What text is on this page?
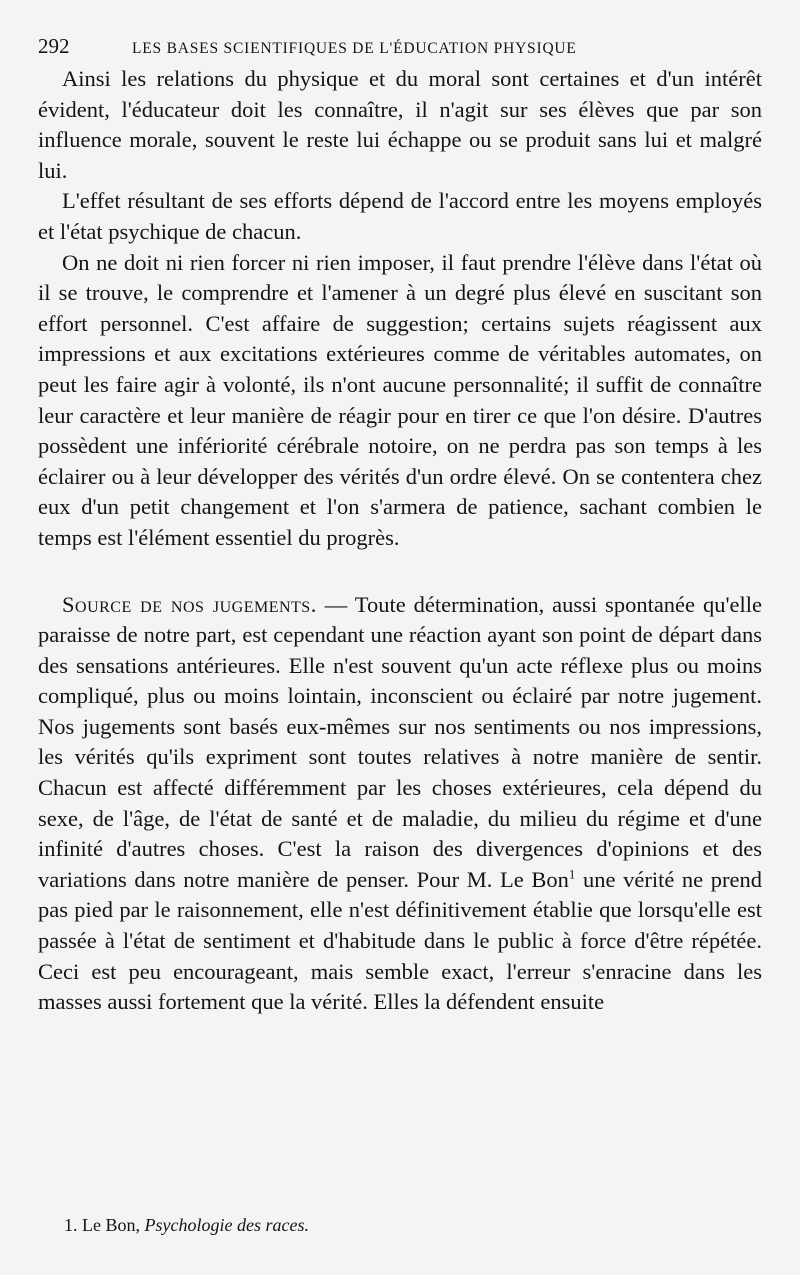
292	LES BASES SCIENTIFIQUES DE L'ÉDUCATION PHYSIQUE

Ainsi les relations du physique et du moral sont certaines et d'un intérêt évident, l'éducateur doit les connaître, il n'agit sur ses élèves que par son influence morale, souvent le reste lui échappe ou se produit sans lui et malgré lui.

L'effet résultant de ses efforts dépend de l'accord entre les moyens employés et l'état psychique de chacun.

On ne doit ni rien forcer ni rien imposer, il faut prendre l'élève dans l'état où il se trouve, le comprendre et l'amener à un degré plus élevé en suscitant son effort personnel. C'est affaire de suggestion; certains sujets réagissent aux impressions et aux excitations extérieures comme de véritables automates, on peut les faire agir à volonté, ils n'ont aucune personnalité; il suffit de connaître leur caractère et leur manière de réagir pour en tirer ce que l'on désire. D'autres possèdent une infériorité cérébrale notoire, on ne perdra pas son temps à les éclairer ou à leur développer des vérités d'un ordre élevé. On se contentera chez eux d'un petit changement et l'on s'armera de patience, sachant combien le temps est l'élément essentiel du progrès.

Source de nos jugements. — Toute détermination, aussi spontanée qu'elle paraisse de notre part, est cependant une réaction ayant son point de départ dans des sensations antérieures. Elle n'est souvent qu'un acte réflexe plus ou moins compliqué, plus ou moins lointain, inconscient ou éclairé par notre jugement. Nos jugements sont basés eux-mêmes sur nos sentiments ou nos impressions, les vérités qu'ils expriment sont toutes relatives à notre manière de sentir. Chacun est affecté différemment par les choses extérieures, cela dépend du sexe, de l'âge, de l'état de santé et de maladie, du milieu du régime et d'une infinité d'autres choses. C'est la raison des divergences d'opinions et des variations dans notre manière de penser. Pour M. Le Bon$^1$ une vérité ne prend pas pied par le raisonnement, elle n'est définitivement établie que lorsqu'elle est passée à l'état de sentiment et d'habitude dans le public à force d'être répétée. Ceci est peu encourageant, mais semble exact, l'erreur s'enracine dans les masses aussi fortement que la vérité. Elles la défendent ensuite

1. Le Bon, Psychologie des races.
